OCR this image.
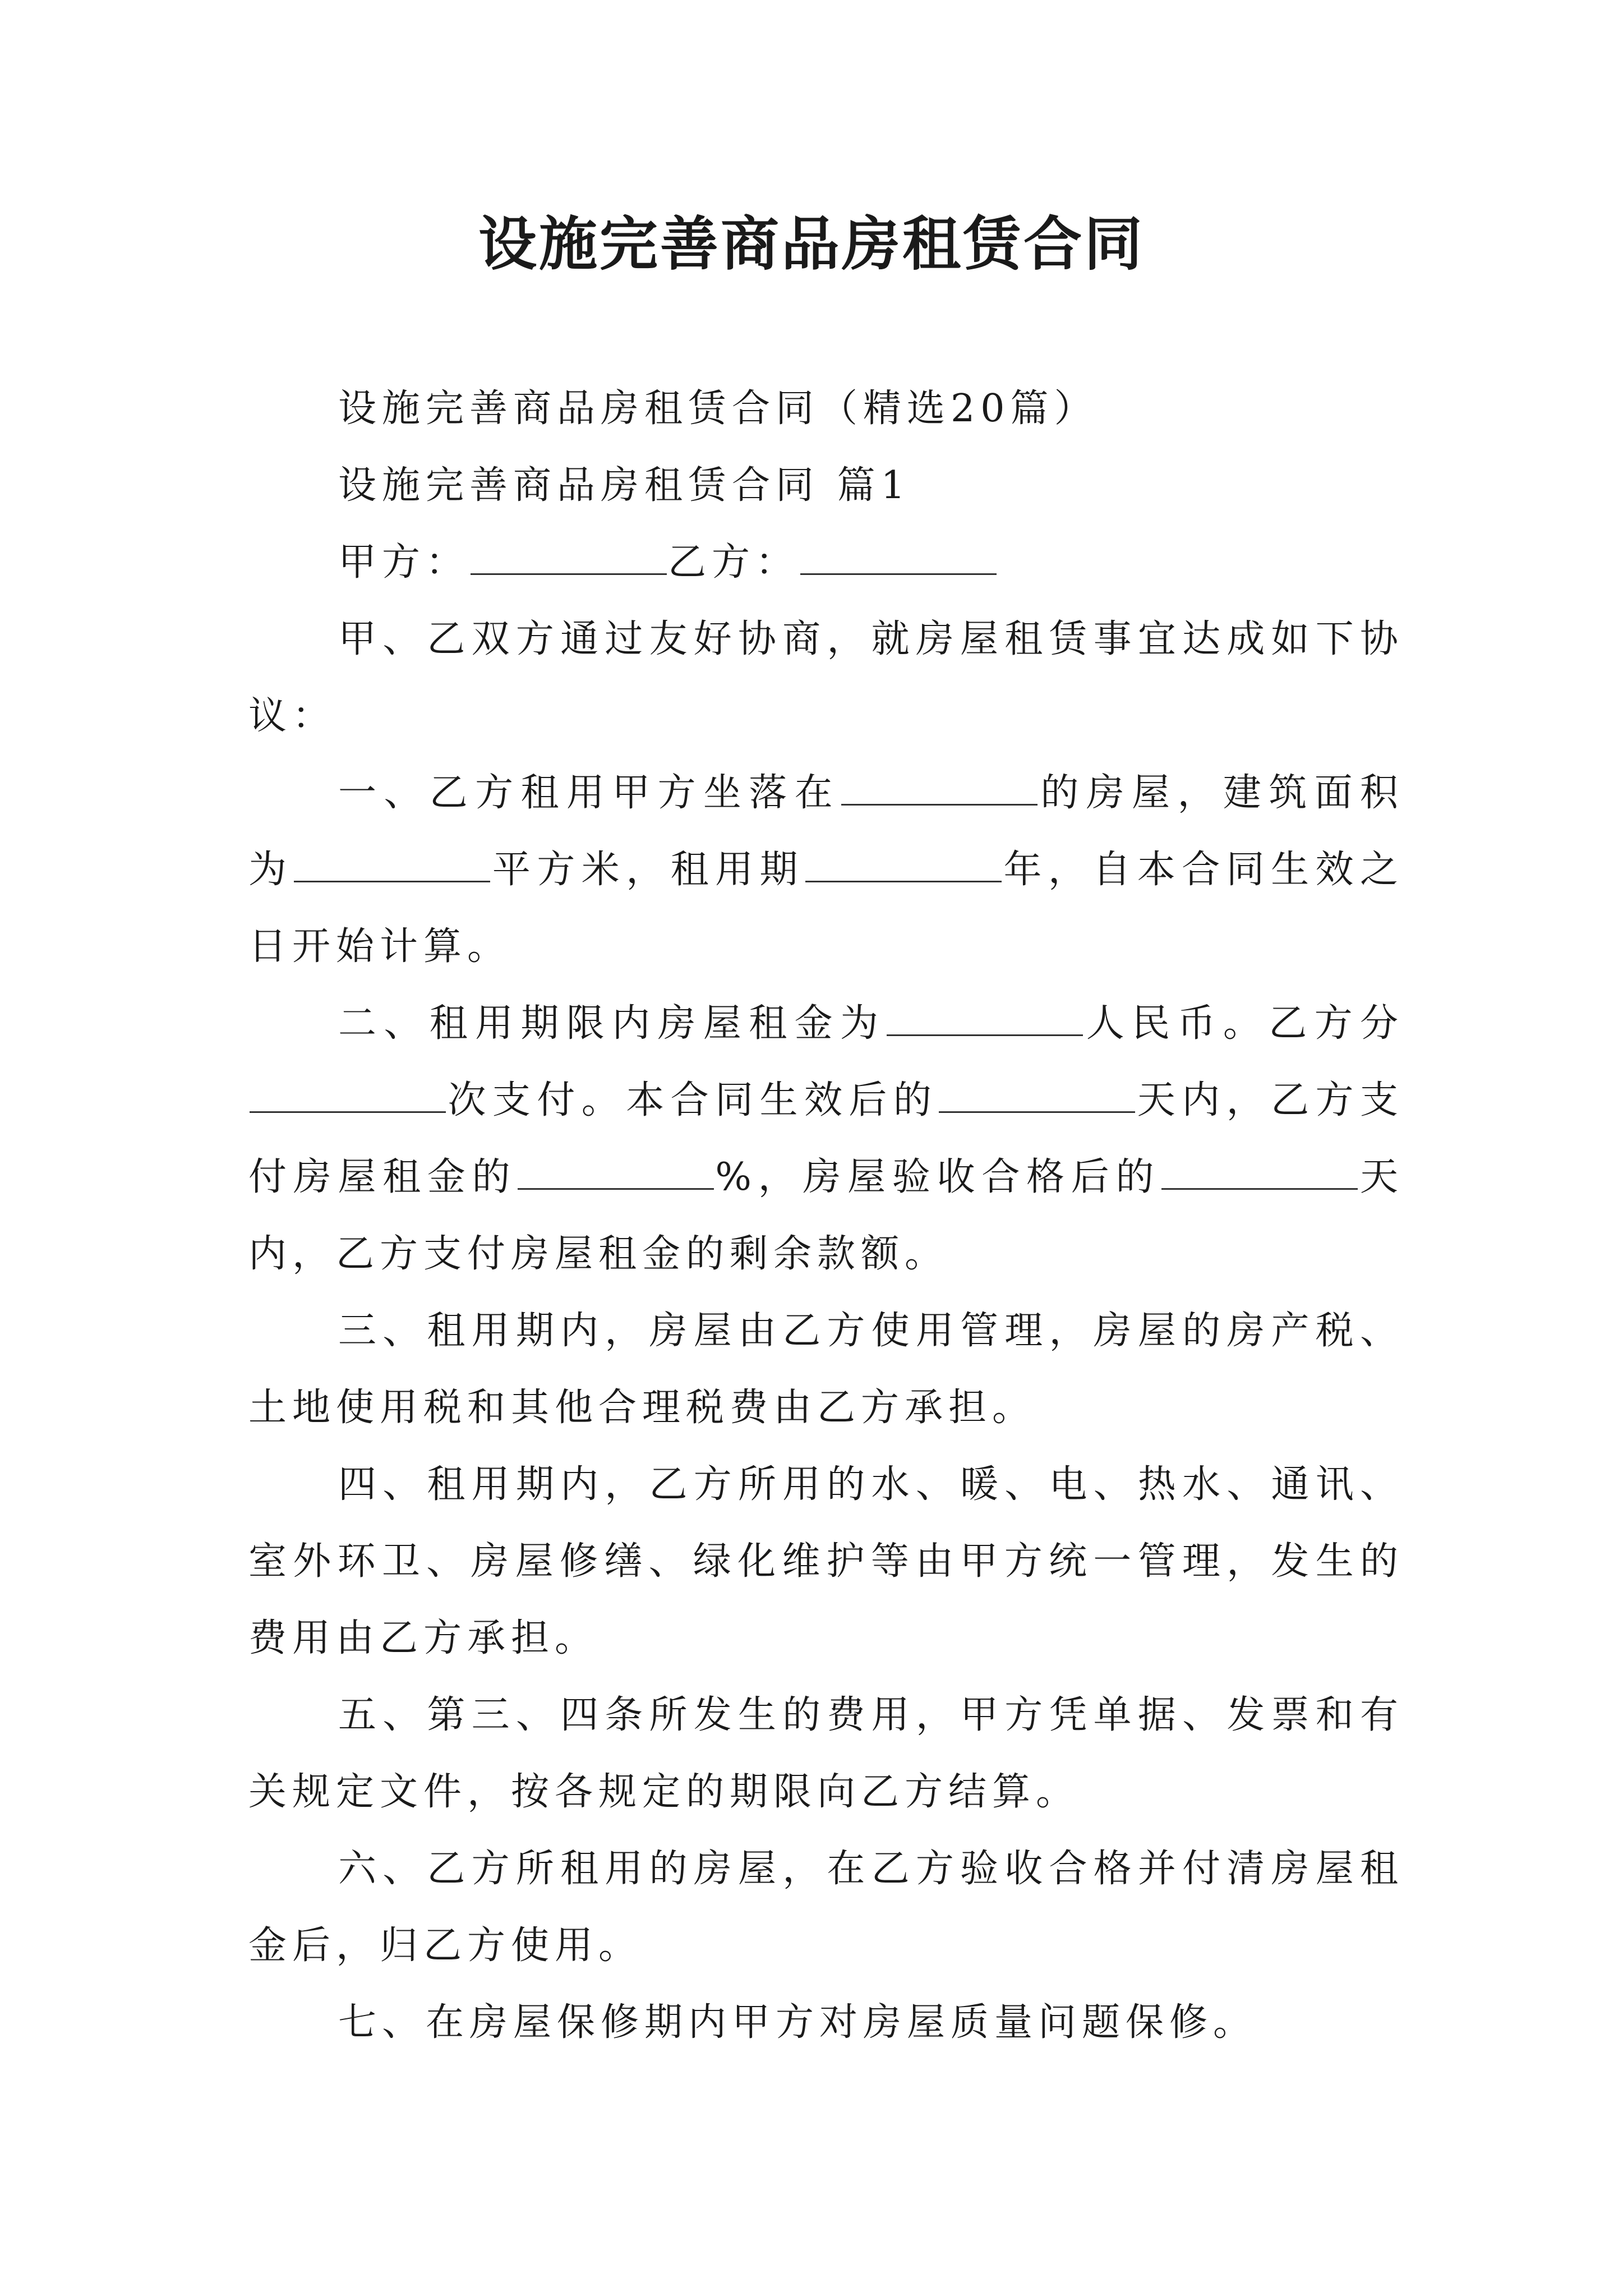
设施完善商品房租赁合同

设施完善商品房租赁合同（精选20篇）

设施完善商品房租赁合同 篇1

甲方：	乙方：

甲、乙双方通过友好协商，就房屋租赁事宜达成如下协议：

一、乙方租用甲方坐落在	的房屋，建筑面积为	平方米，租用期	年，自本合同生效之日开始计算。

二、租用期限内房屋租金为	人民币。乙方分次支付。本合同生效后的	天内，乙方支付房屋租金的	%，房屋验收合格后的	天内，乙方支付房屋租金的剩余款额。

三、租用期内，房屋由乙方使用管理，房屋的房产税、土地使用税和其他合理税费由乙方承担。

四、租用期内，乙方所用的水、暖、电、热水、通讯、室外环卫、房屋修缮、绿化维护等由甲方统一管理，发生的费用由乙方承担。

五、第三、四条所发生的费用，甲方凭单据、发票和有关规定文件，按各规定的期限向乙方结算。

六、乙方所租用的房屋，在乙方验收合格并付清房屋租金后，归乙方使用。

七、在房屋保修期内甲方对房屋质量问题保修。
